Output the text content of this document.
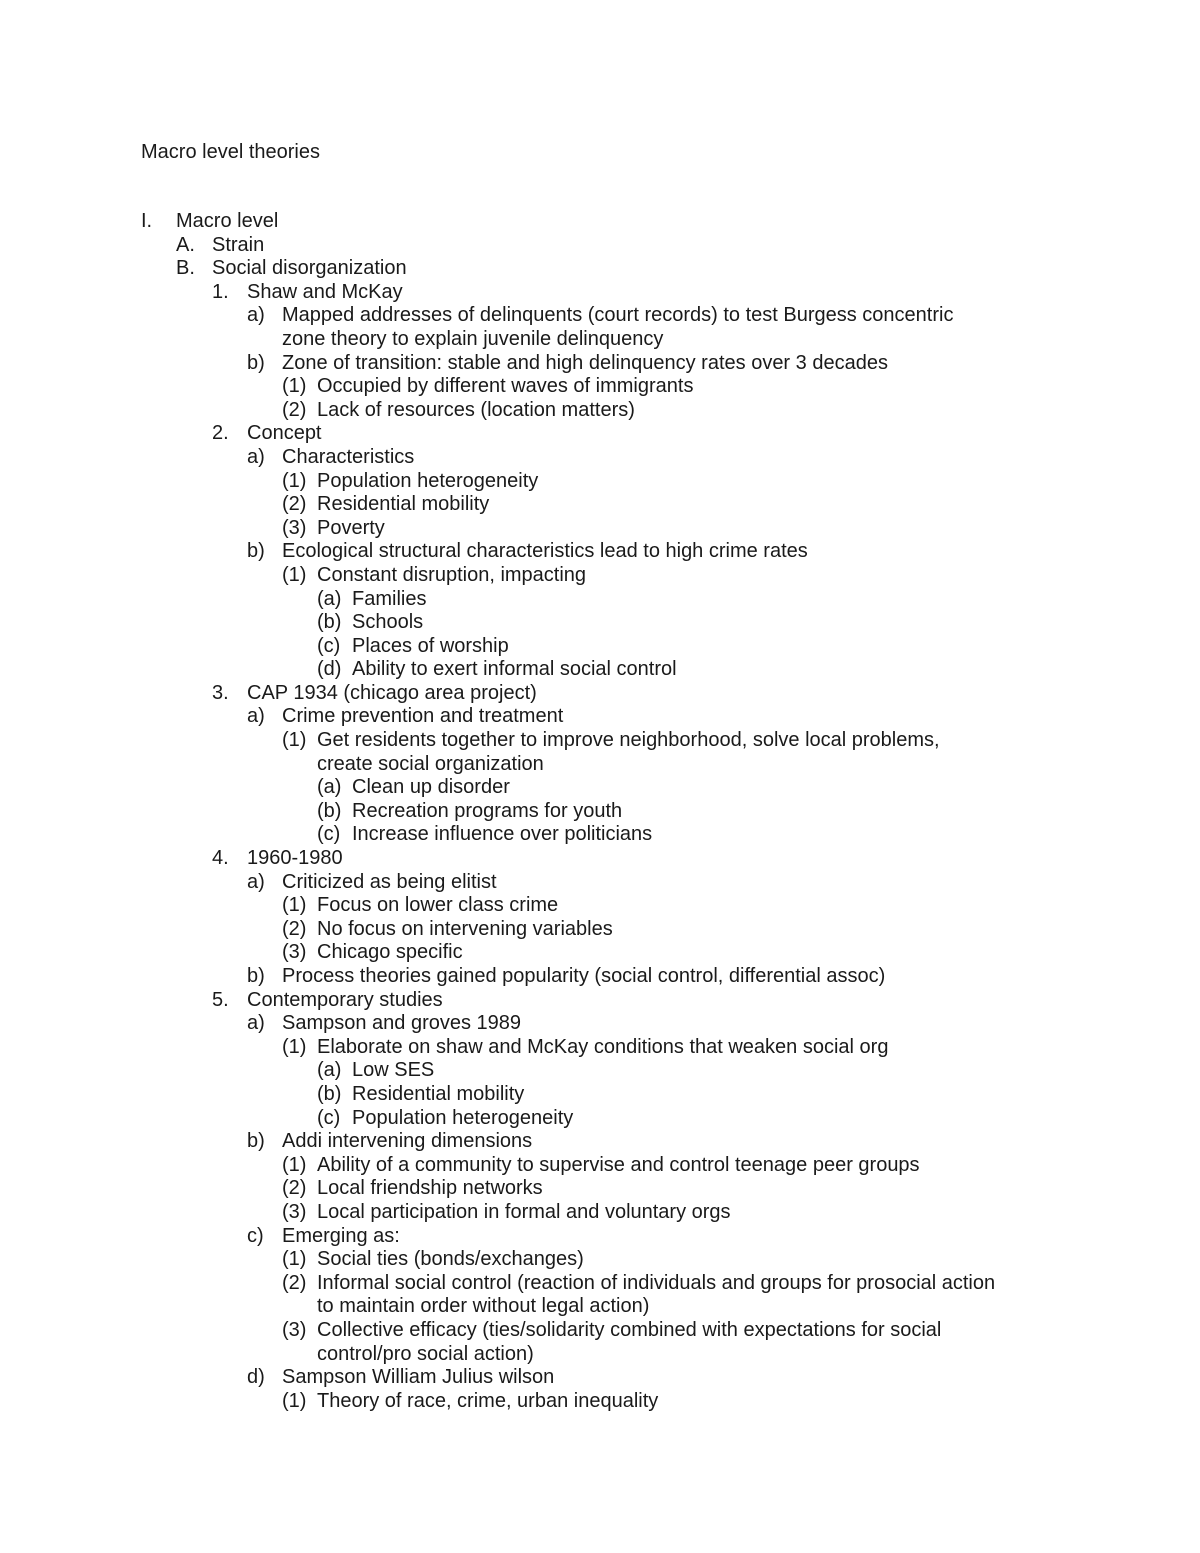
Macro level theories
I.	Macro level
A. Strain
B. Social disorganization
1. Shaw and McKay
a) Mapped addresses of delinquents (court records) to test Burgess concentric
zone theory to explain juvenile delinquency
b) Zone of transition: stable and high delinquency rates over 3 decades
(1) Occupied by different waves of immigrants
(2) Lack of resources (location matters)
2. Concept
a) Characteristics
(1) Population heterogeneity
(2) Residential mobility
(3) Poverty
b) Ecological structural characteristics lead to high crime rates
(1) Constant disruption, impacting
(a) Families
(b) Schools
(c) Places of worship
(d) Ability to exert informal social control
3. CAP 1934 (chicago area project)
a) Crime prevention and treatment
(1) Get residents together to improve neighborhood, solve local problems,
create social organization
(a) Clean up disorder
(b) Recreation programs for youth
(c) Increase influence over politicians
4. 1960-1980
a) Criticized as being elitist
(1) Focus on lower class crime
(2) No focus on intervening variables
(3) Chicago specific
b) Process theories gained popularity (social control, differential assoc)
5. Contemporary studies
a) Sampson and groves 1989
(1) Elaborate on shaw and McKay conditions that weaken social org
(a) Low SES
(b) Residential mobility
(c) Population heterogeneity
b) Addi intervening dimensions
(1) Ability of a community to supervise and control teenage peer groups
(2) Local friendship networks
(3) Local participation in formal and voluntary orgs
c) Emerging as:
(1) Social ties (bonds/exchanges)
(2) Informal social control (reaction of individuals and groups for prosocial action
to maintain order without legal action)
(3) Collective efficacy (ties/solidarity combined with expectations for social
control/pro social action)
d) Sampson William Julius wilson
(1) Theory of race, crime, urban inequality
